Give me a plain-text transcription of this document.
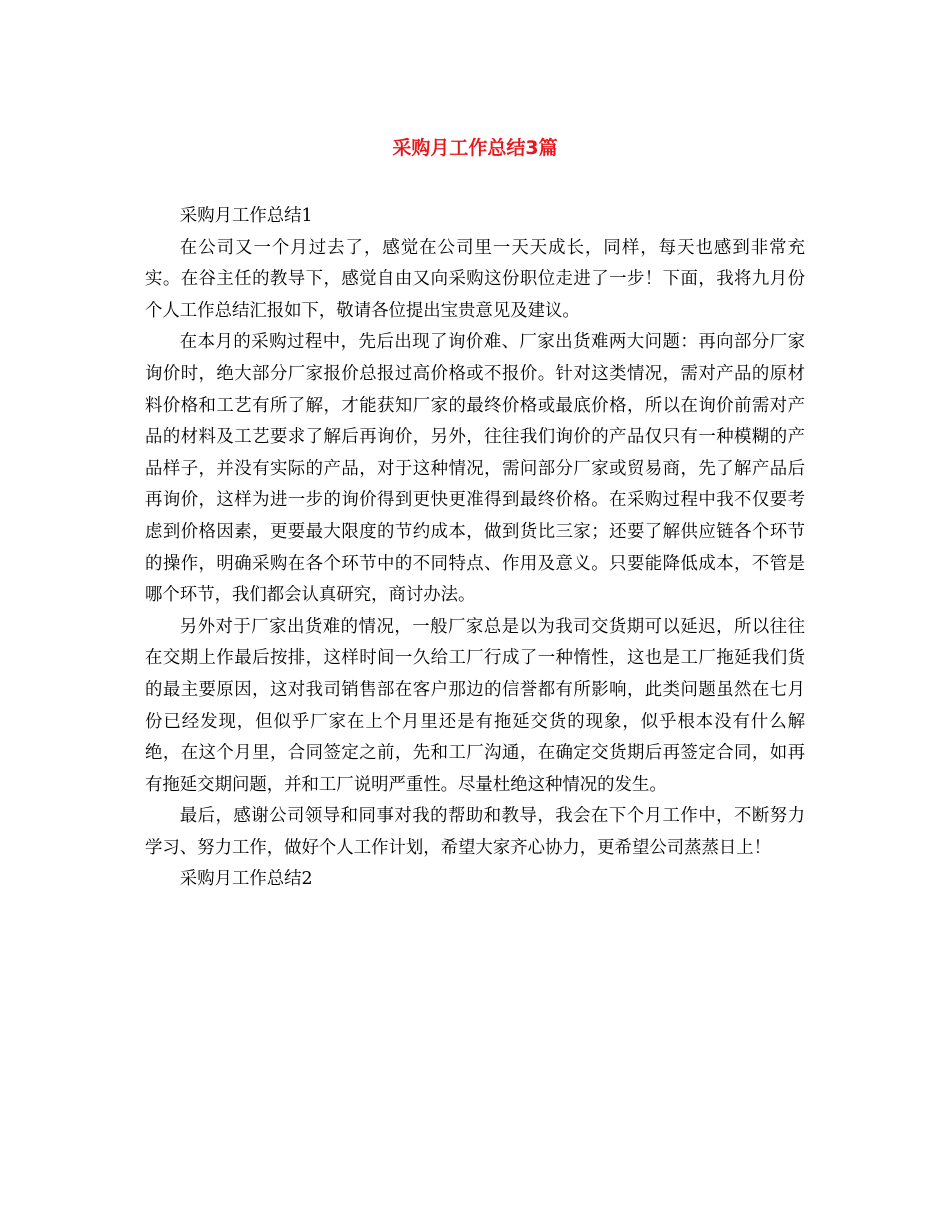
采购月工作总结3篇

采购月工作总结1

在公司又一个月过去了，感觉在公司里一天天成长，同样，每天也感到非常充实。在谷主任的教导下，感觉自由又向采购这份职位走进了一步！下面，我将九月份个人工作总结汇报如下，敬请各位提出宝贵意见及建议。

在本月的采购过程中，先后出现了询价难、厂家出货难两大问题：再向部分厂家询价时，绝大部分厂家报价总报过高价格或不报价。针对这类情况，需对产品的原材料价格和工艺有所了解，才能获知厂家的最终价格或最底价格，所以在询价前需对产品的材料及工艺要求了解后再询价，另外，往往我们询价的产品仅只有一种模糊的产品样子，并没有实际的产品，对于这种情况，需问部分厂家或贸易商，先了解产品后再询价，这样为进一步的询价得到更快更准得到最终价格。在采购过程中我不仅要考虑到价格因素，更要最大限度的节约成本，做到货比三家；还要了解供应链各个环节的操作，明确采购在各个环节中的不同特点、作用及意义。只要能降低成本，不管是哪个环节，我们都会认真研究，商讨办法。

另外对于厂家出货难的情况，一般厂家总是以为我司交货期可以延迟，所以往往在交期上作最后按排，这样时间一久给工厂行成了一种惰性，这也是工厂拖延我们货的最主要原因，这对我司销售部在客户那边的信誉都有所影响，此类问题虽然在七月份已经发现，但似乎厂家在上个月里还是有拖延交货的现象，似乎根本没有什么解绝，在这个月里，合同签定之前，先和工厂沟通，在确定交货期后再签定合同，如再有拖延交期问题，并和工厂说明严重性。尽量杜绝这种情况的发生。

最后，感谢公司领导和同事对我的帮助和教导，我会在下个月工作中，不断努力学习、努力工作，做好个人工作计划，希望大家齐心协力，更希望公司蒸蒸日上！

采购月工作总结2
